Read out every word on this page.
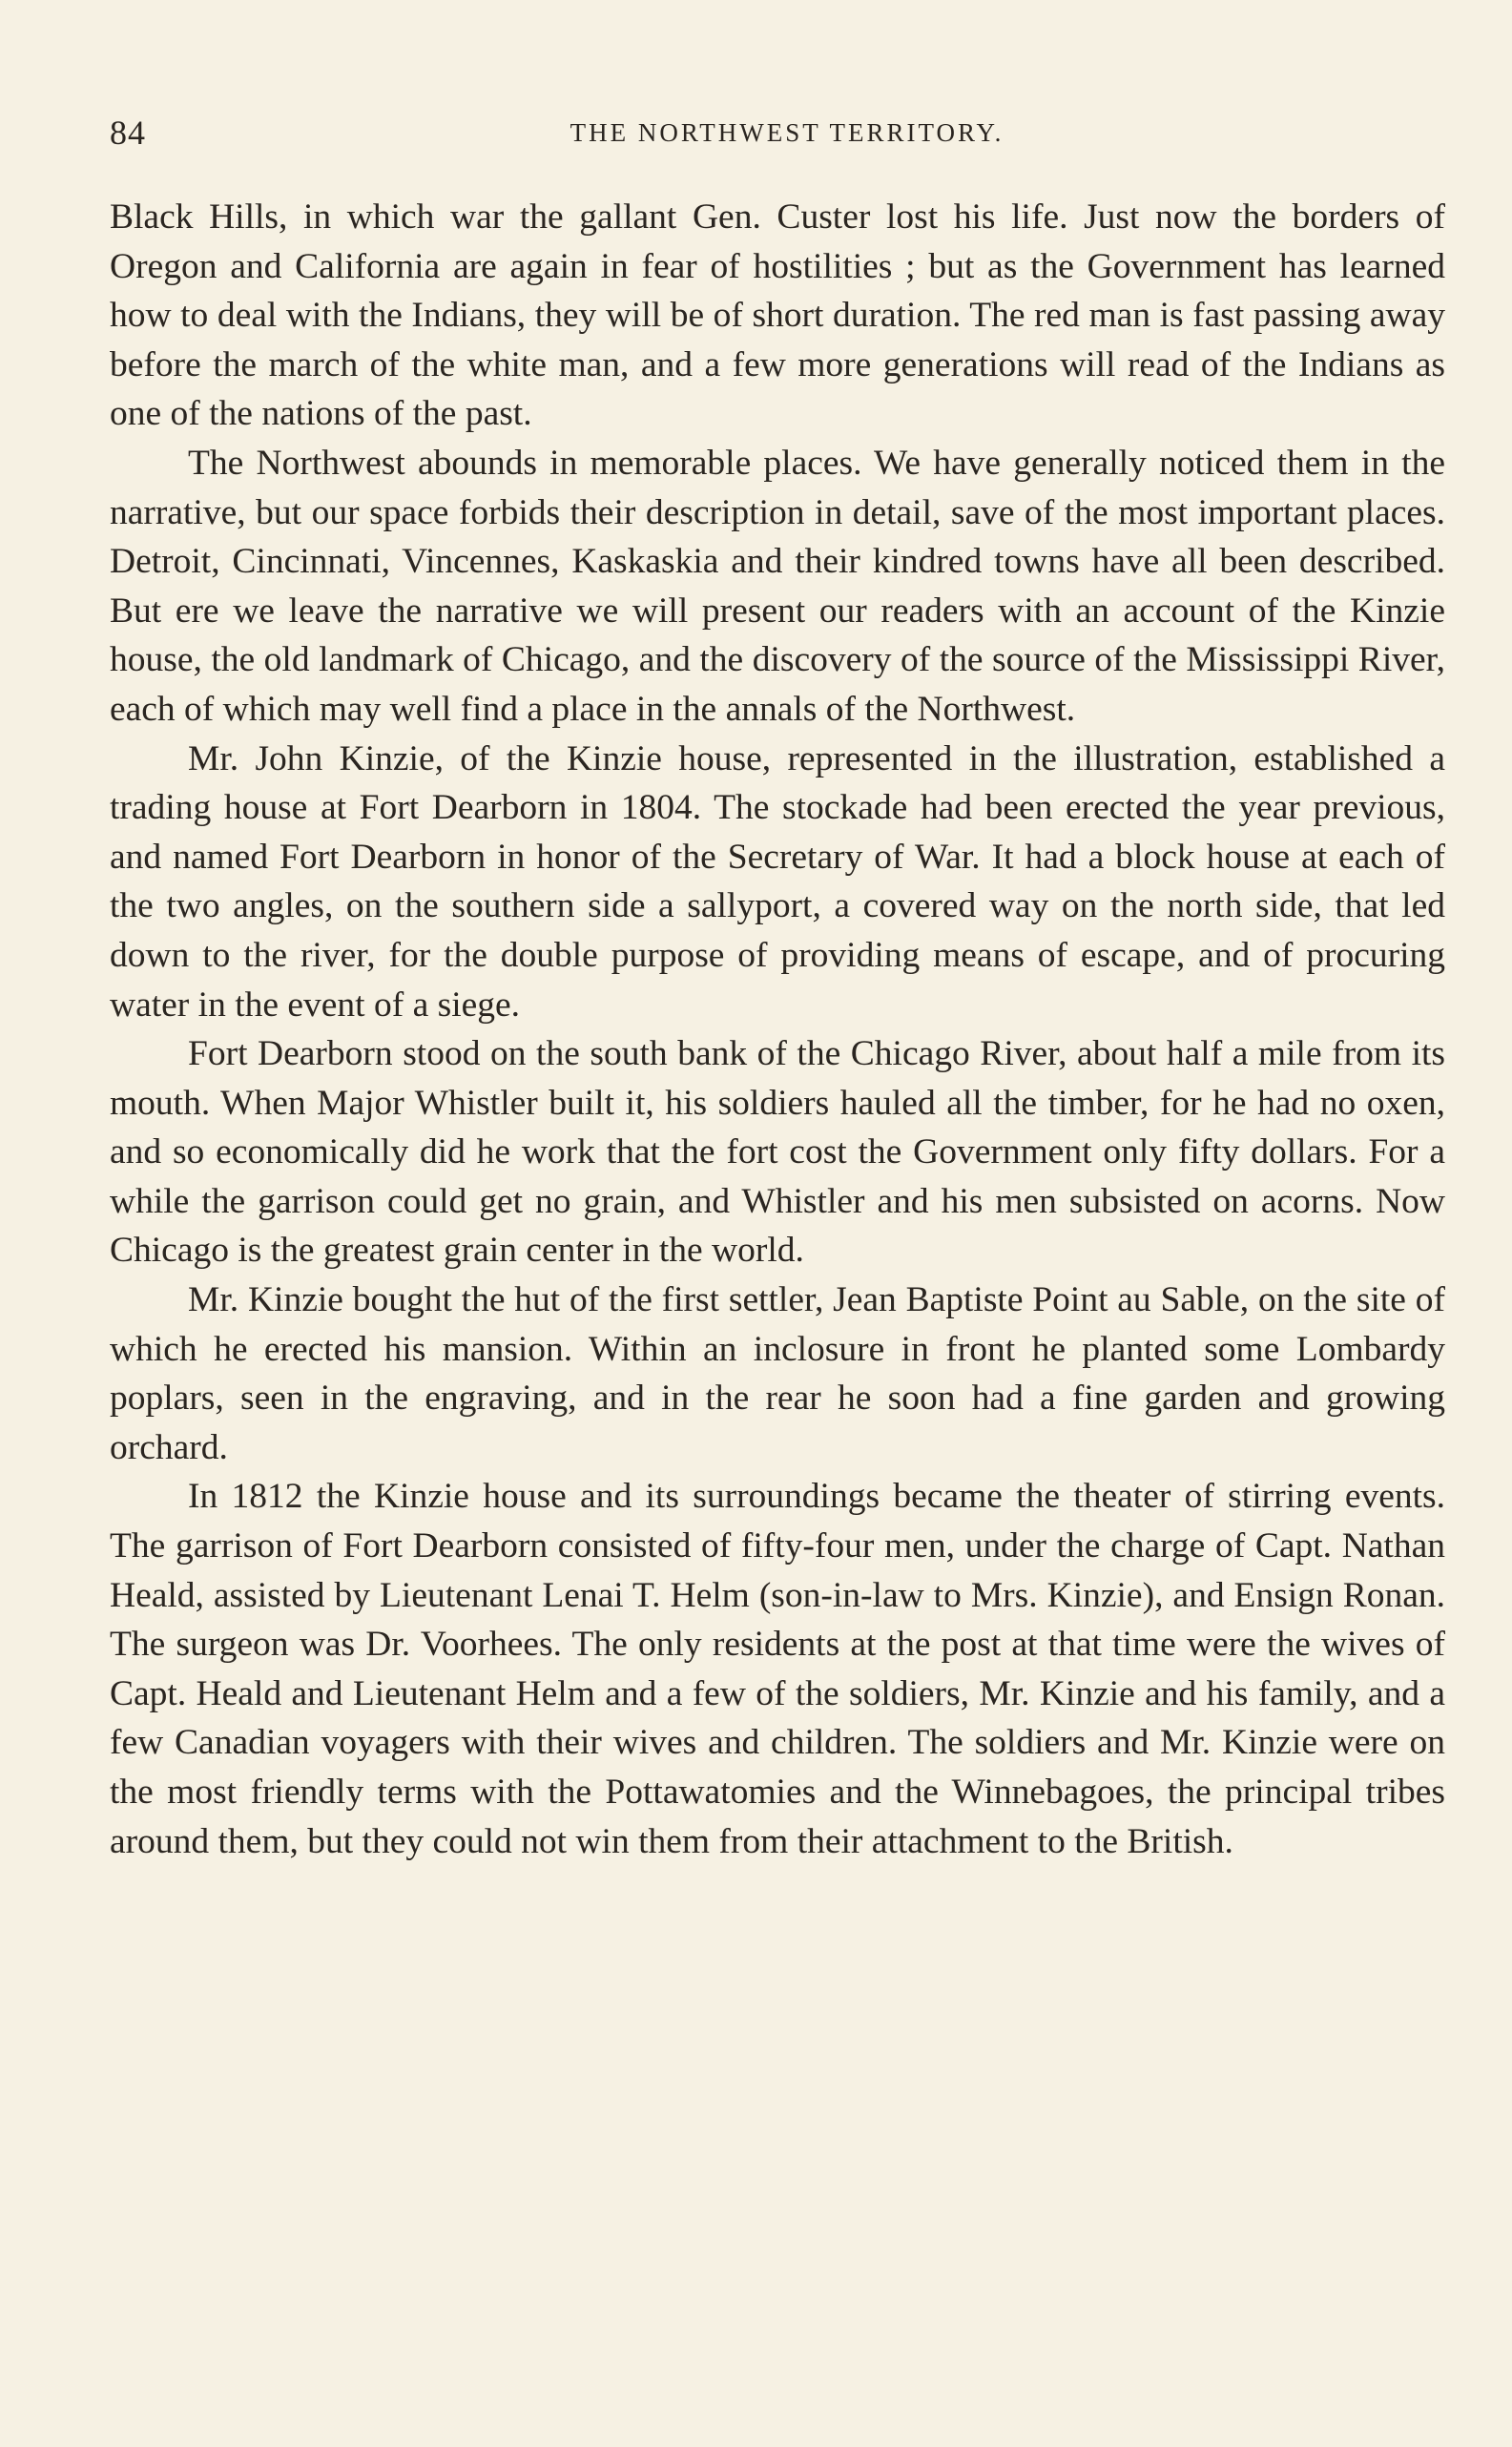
84	THE NORTHWEST TERRITORY.

Black Hills, in which war the gallant Gen. Custer lost his life. Just now the borders of Oregon and California are again in fear of hostilities ; but as the Government has learned how to deal with the Indians, they will be of short duration. The red man is fast passing away before the march of the white man, and a few more generations will read of the Indians as one of the nations of the past.

The Northwest abounds in memorable places. We have generally noticed them in the narrative, but our space forbids their description in detail, save of the most important places. Detroit, Cincinnati, Vincennes, Kaskaskia and their kindred towns have all been described. But ere we leave the narrative we will present our readers with an account of the Kinzie house, the old landmark of Chicago, and the discovery of the source of the Mississippi River, each of which may well find a place in the annals of the Northwest.

Mr. John Kinzie, of the Kinzie house, represented in the illustration, established a trading house at Fort Dearborn in 1804. The stockade had been erected the year previous, and named Fort Dearborn in honor of the Secretary of War. It had a block house at each of the two angles, on the southern side a sallyport, a covered way on the north side, that led down to the river, for the double purpose of providing means of escape, and of procuring water in the event of a siege.

Fort Dearborn stood on the south bank of the Chicago River, about half a mile from its mouth. When Major Whistler built it, his soldiers hauled all the timber, for he had no oxen, and so economically did he work that the fort cost the Government only fifty dollars. For a while the garrison could get no grain, and Whistler and his men subsisted on acorns. Now Chicago is the greatest grain center in the world.

Mr. Kinzie bought the hut of the first settler, Jean Baptiste Point au Sable, on the site of which he erected his mansion. Within an inclosure in front he planted some Lombardy poplars, seen in the engraving, and in the rear he soon had a fine garden and growing orchard.

In 1812 the Kinzie house and its surroundings became the theater of stirring events. The garrison of Fort Dearborn consisted of fifty-four men, under the charge of Capt. Nathan Heald, assisted by Lieutenant Lenai T. Helm (son-in-law to Mrs. Kinzie), and Ensign Ronan. The surgeon was Dr. Voorhees. The only residents at the post at that time were the wives of Capt. Heald and Lieutenant Helm and a few of the soldiers, Mr. Kinzie and his family, and a few Canadian voyagers with their wives and children. The soldiers and Mr. Kinzie were on the most friendly terms with the Pottawatomies and the Winnebagoes, the principal tribes around them, but they could not win them from their attachment to the British.
